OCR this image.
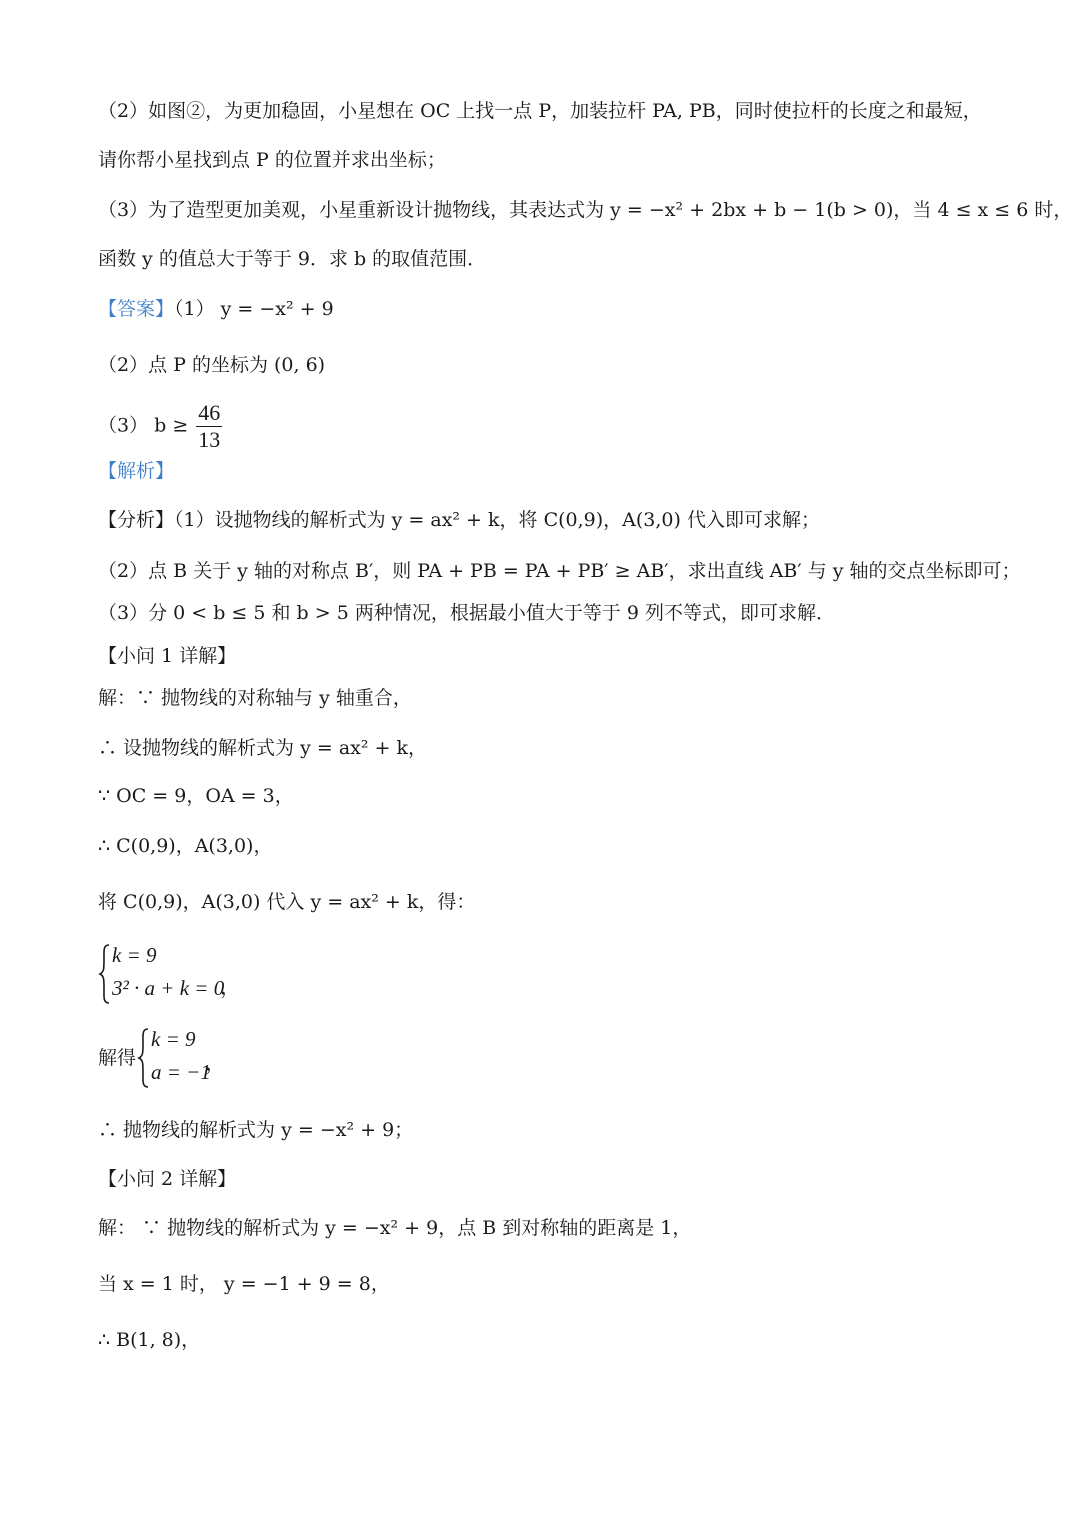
（2）如图②，为更加稳固，小星想在 OC 上找一点 P，加装拉杆 PA, PB，同时使拉杆的长度之和最短，
请你帮小星找到点 P 的位置并求出坐标；
（3）为了造型更加美观，小星重新设计抛物线，其表达式为 y = −x² + 2bx + b − 1(b > 0)，当 4 ≤ x ≤ 6 时，
函数 y 的值总大于等于 9．求 b 的取值范围．
【答案】（1） y = −x² + 9
（2）点 P 的坐标为 (0, 6)
（3） $b \ge \frac{46}{13}$
【解析】
【分析】（1）设抛物线的解析式为 y = ax² + k，将 C(0,9)，A(3,0) 代入即可求解；
（2）点 B 关于 y 轴的对称点 B′，则 PA + PB = PA + PB′ ≥ AB′，求出直线 AB′ 与 y 轴的交点坐标即可；
（3）分 0 < b ≤ 5 和 b > 5 两种情况，根据最小值大于等于 9 列不等式，即可求解．
【小问 1 详解】
解：∵ 抛物线的对称轴与 y 轴重合，
∴ 设抛物线的解析式为 y = ax² + k，
∵ OC = 9，OA = 3，
∴ C(0,9)，A(3,0)，
将 C(0,9)，A(3,0) 代入 y = ax² + k，得：
k = 9
3² · a + k = 0
，
解得
k = 9
a = −1
，
∴ 抛物线的解析式为 y = −x² + 9；
【小问 2 详解】
解： ∵ 抛物线的解析式为 y = −x² + 9，点 B 到对称轴的距离是 1，
当 x = 1 时， y = −1 + 9 = 8，
∴ B(1, 8)，
